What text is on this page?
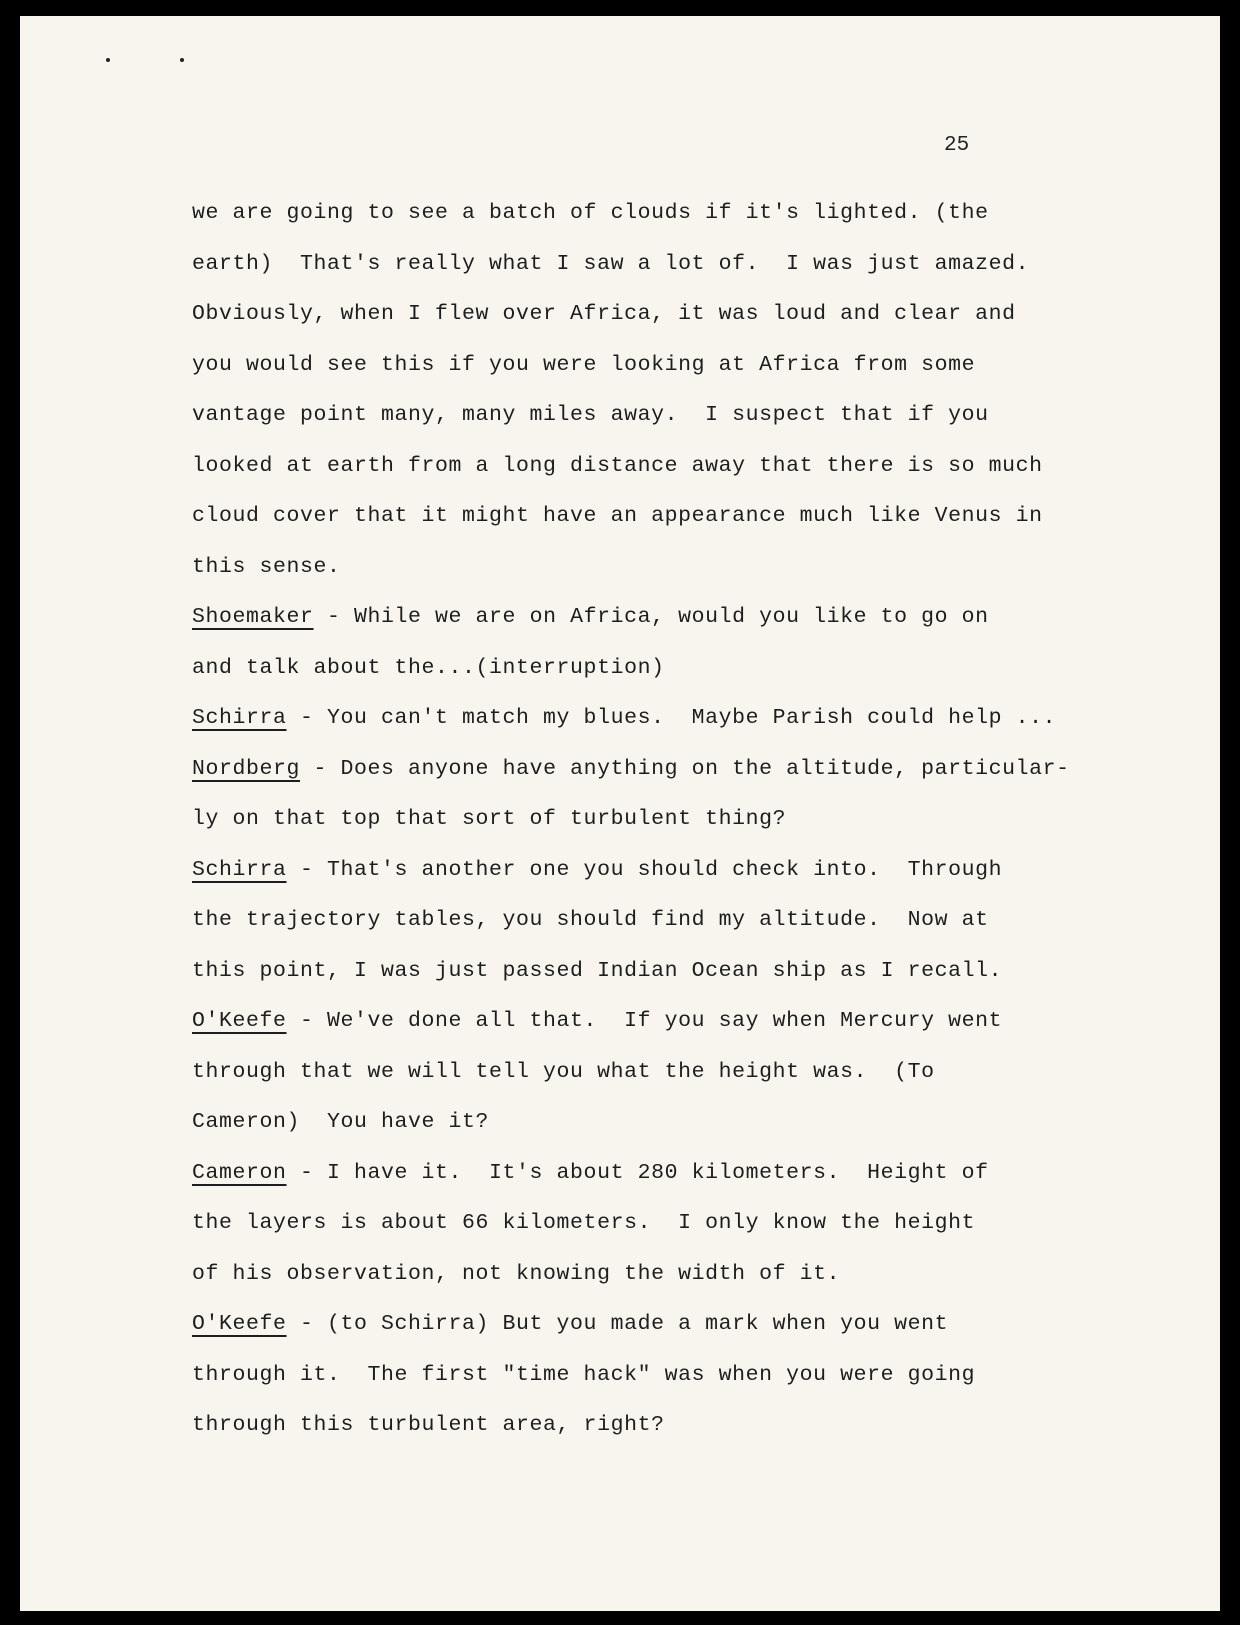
25
we are going to see a batch of clouds if it's lighted. (the
earth)  That's really what I saw a lot of.  I was just amazed.
Obviously, when I flew over Africa, it was loud and clear and
you would see this if you were looking at Africa from some
vantage point many, many miles away.  I suspect that if you
looked at earth from a long distance away that there is so much
cloud cover that it might have an appearance much like Venus in
this sense.
Shoemaker - While we are on Africa, would you like to go on
and talk about the...(interruption)
Schirra - You can't match my blues.  Maybe Parish could help ...
Nordberg - Does anyone have anything on the altitude, particular-
ly on that top that sort of turbulent thing?
Schirra - That's another one you should check into.  Through
the trajectory tables, you should find my altitude.  Now at
this point, I was just passed Indian Ocean ship as I recall.
O'Keefe - We've done all that.  If you say when Mercury went
through that we will tell you what the height was.  (To
Cameron)  You have it?
Cameron - I have it.  It's about 280 kilometers.  Height of
the layers is about 66 kilometers.  I only know the height
of his observation, not knowing the width of it.
O'Keefe - (to Schirra) But you made a mark when you went
through it.  The first "time hack" was when you were going
through this turbulent area, right?
